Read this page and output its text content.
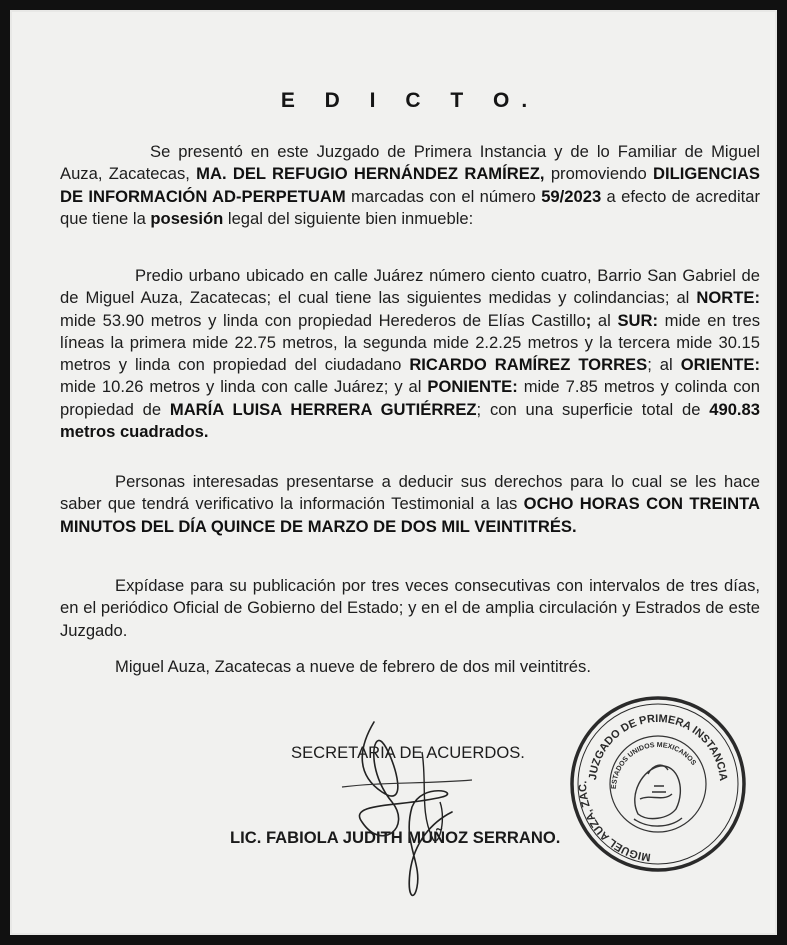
E D I C T O.

Se presentó en este Juzgado de Primera Instancia y de lo Familiar de Miguel Auza, Zacatecas, MA. DEL REFUGIO HERNÁNDEZ RAMÍREZ, promoviendo DILIGENCIAS DE INFORMACIÓN AD-PERPETUAM marcadas con el número 59/2023 a efecto de acreditar que tiene la posesión legal del siguiente bien inmueble:

Predio urbano ubicado en calle Juárez número ciento cuatro, Barrio San Gabriel de de Miguel Auza, Zacatecas; el cual tiene las siguientes medidas y colindancias; al NORTE: mide 53.90 metros y linda con propiedad Herederos de Elías Castillo; al SUR: mide en tres líneas la primera mide 22.75 metros, la segunda mide 2.2.25 metros y la tercera mide 30.15 metros y linda con propiedad del ciudadano RICARDO RAMÍREZ TORRES; al ORIENTE: mide 10.26 metros y linda con calle Juárez; y al PONIENTE: mide 7.85 metros y colinda con propiedad de MARÍA LUISA HERRERA GUTIÉRREZ; con una superficie total de 490.83 metros cuadrados.

Personas interesadas presentarse a deducir sus derechos para lo cual se les hace saber que tendrá verificativo la información Testimonial a las OCHO HORAS CON TREINTA MINUTOS DEL DÍA QUINCE DE MARZO DE DOS MIL VEINTITRÉS.

Expídase para su publicación por tres veces consecutivas con intervalos de tres días, en el periódico Oficial de Gobierno del Estado; y en el de amplia circulación y Estrados de este Juzgado.

Miguel Auza, Zacatecas a nueve de febrero de dos mil veintitrés.

SECRETARIA DE ACUERDOS.
LIC. FABIOLA JUDITH MUÑOZ SERRANO.
JUZGADO DE PRIMERA INSTANCIA
MIGUEL AUZA, ZAC.
ESTADOS UNIDOS MEXICANOS
